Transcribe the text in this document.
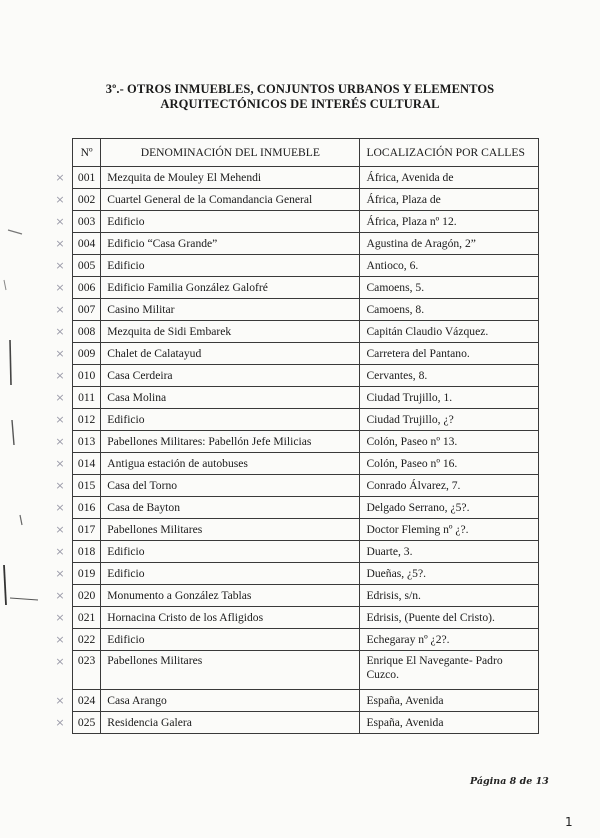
3º.- OTROS INMUEBLES, CONJUNTOS URBANOS Y ELEMENTOS
ARQUITECTÓNICOS DE INTERÉS CULTURAL
Nº	DENOMINACIÓN DEL INMUEBLE	LOCALIZACIÓN POR CALLES
001	Mezquita de Mouley El Mehendi	África, Avenida de
002	Cuartel General de la Comandancia General	África, Plaza de
003	Edificio	África, Plaza nº 12.
004	Edificio “Casa Grande”	Agustina de Aragón, 2”
005	Edificio	Antioco, 6.
006	Edificio Familia González Galofré	Camoens, 5.
007	Casino Militar	Camoens, 8.
008	Mezquita de Sidi Embarek	Capitán Claudio Vázquez.
009	Chalet de Calatayud	Carretera del Pantano.
010	Casa Cerdeira	Cervantes, 8.
011	Casa Molina	Ciudad Trujillo, 1.
012	Edificio	Ciudad Trujillo, ¿?
013	Pabellones Militares: Pabellón Jefe Milicias	Colón, Paseo nº 13.
014	Antigua estación de autobuses	Colón, Paseo nº 16.
015	Casa del Torno	Conrado Álvarez, 7.
016	Casa de Bayton	Delgado Serrano, ¿5?.
017	Pabellones Militares	Doctor Fleming nº ¿?.
018	Edificio	Duarte, 3.
019	Edificio	Dueñas, ¿5?.
020	Monumento a González Tablas	Edrisis, s/n.
021	Hornacina Cristo de los Afligidos	Edrisis, (Puente del Cristo).
022	Edificio	Echegaray nº ¿2?.
023	Pabellones Militares	Enrique El Navegante- Padro Cuzco.
024	Casa Arango	España, Avenida
025	Residencia Galera	España, Avenida
×
×
×
×
×
×
×
×
×
×
×
×
×
×
×
×
×
×
×
×
×
×
×
×
×
Página 8 de 13
1
